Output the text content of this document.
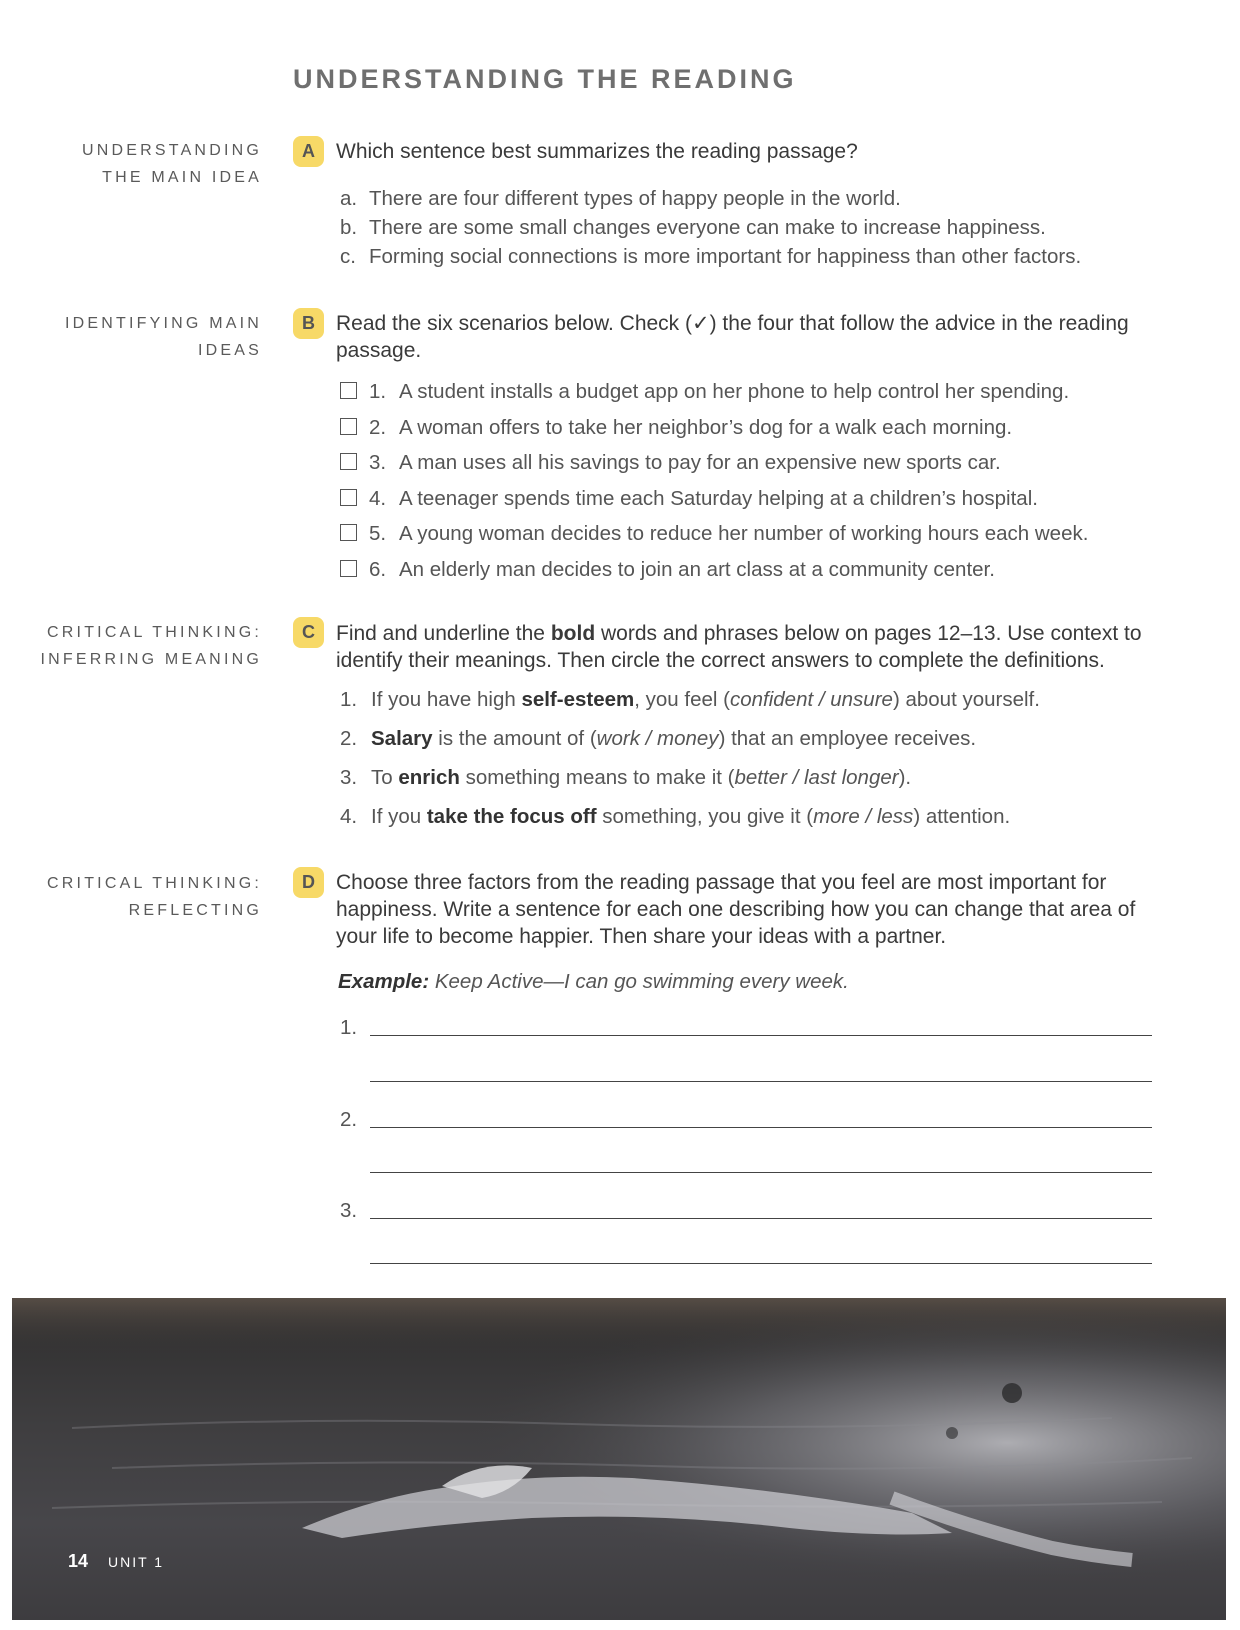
UNDERSTANDING THE READING
UNDERSTANDING
THE MAIN IDEA
A	Which sentence best summarizes the reading passage?
a. There are four different types of happy people in the world.
b. There are some small changes everyone can make to increase happiness.
c. Forming social connections is more important for happiness than other factors.
IDENTIFYING MAIN
IDEAS
B	Read the six scenarios below. Check (✓) the four that follow the advice in the reading
passage.
1. A student installs a budget app on her phone to help control her spending.
2. A woman offers to take her neighbor’s dog for a walk each morning.
3. A man uses all his savings to pay for an expensive new sports car.
4. A teenager spends time each Saturday helping at a children’s hospital.
5. A young woman decides to reduce her number of working hours each week.
6. An elderly man decides to join an art class at a community center.
CRITICAL THINKING:
INFERRING MEANING
C	Find and underline the bold words and phrases below on pages 12–13. Use context to
identify their meanings. Then circle the correct answers to complete the definitions.
1. If you have high self-esteem, you feel (confident / unsure) about yourself.
2. Salary is the amount of (work / money) that an employee receives.
3. To enrich something means to make it (better / last longer).
4. If you take the focus off something, you give it (more / less) attention.
CRITICAL THINKING:
REFLECTING
D	Choose three factors from the reading passage that you feel are most important for
happiness. Write a sentence for each one describing how you can change that area of
your life to become happier. Then share your ideas with a partner.
Example: Keep Active—I can go swimming every week.
1.
2.
3.
14 UNIT 1
